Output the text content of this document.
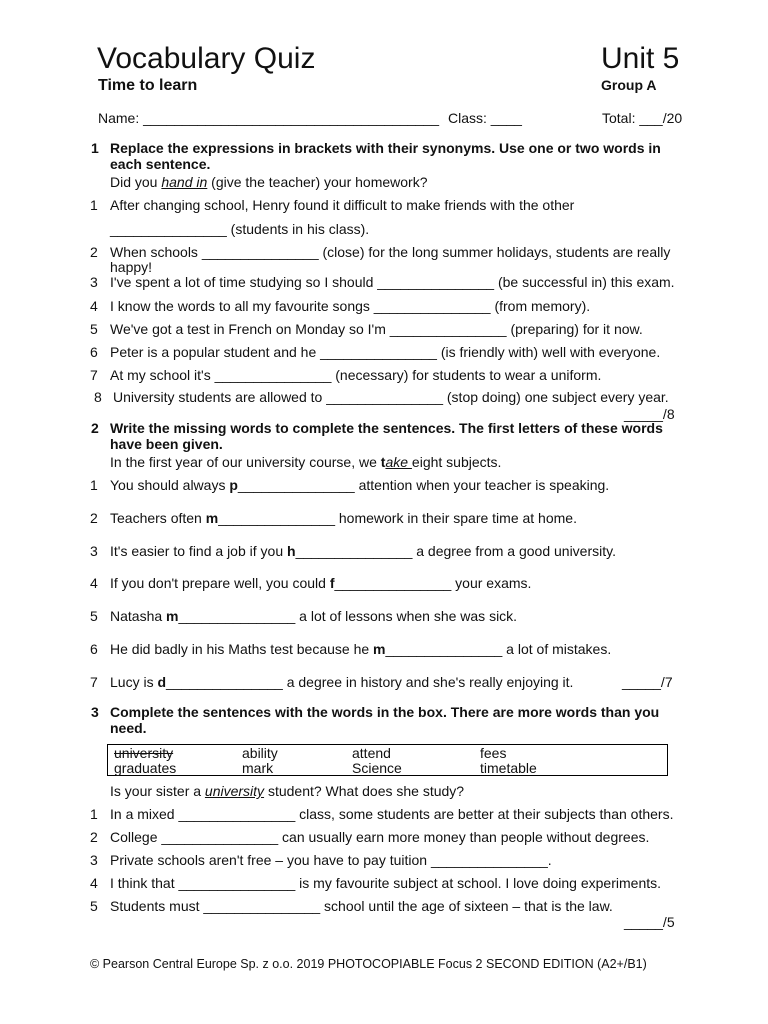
Vocabulary Quiz	Unit 5
Time to learn	Group A
Name: ______________________________________ Class: ____	Total: ___/20
1 Replace the expressions in brackets with their synonyms. Use one or two words in
each sentence.
Did you hand in (give the teacher) your homework?
1 After changing school, Henry found it difficult to make friends with the other
_______________ (students in his class).
2 When schools _______________ (close) for the long summer holidays, students are really
happy!
3 I've spent a lot of time studying so I should _______________ (be successful in) this exam.
4 I know the words to all my favourite songs _______________ (from memory).
5 We've got a test in French on Monday so I'm _______________ (preparing) for it now.
6 Peter is a popular student and he _______________ (is friendly with) well with everyone.
7 At my school it's _______________ (necessary) for students to wear a uniform.
8 University students are allowed to _______________ (stop doing) one subject every year.
_____/8
2 Write the missing words to complete the sentences. The first letters of these words
have been given.
In the first year of our university course, we take eight subjects.
1 You should always p_______________ attention when your teacher is speaking.
2 Teachers often m_______________ homework in their spare time at home.
3 It's easier to find a job if you h_______________ a degree from a good university.
4 If you don't prepare well, you could f_______________ your exams.
5 Natasha m_______________ a lot of lessons when she was sick.
6 He did badly in his Maths test because he m_______________ a lot of mistakes.
7 Lucy is d_______________ a degree in history and she's really enjoying it.	_____/7
3 Complete the sentences with the words in the box. There are more words than you
need.
university	ability	attend	fees
graduates	mark	Science	timetable
Is your sister a university student? What does she study?
1 In a mixed _______________ class, some students are better at their subjects than others.
2 College _______________ can usually earn more money than people without degrees.
3 Private schools aren't free – you have to pay tuition _______________.
4 I think that _______________ is my favourite subject at school. I love doing experiments.
5 Students must _______________ school until the age of sixteen – that is the law.
_____/5
© Pearson Central Europe Sp. z o.o. 2019 PHOTOCOPIABLE Focus 2 SECOND EDITION (A2+/B1)
